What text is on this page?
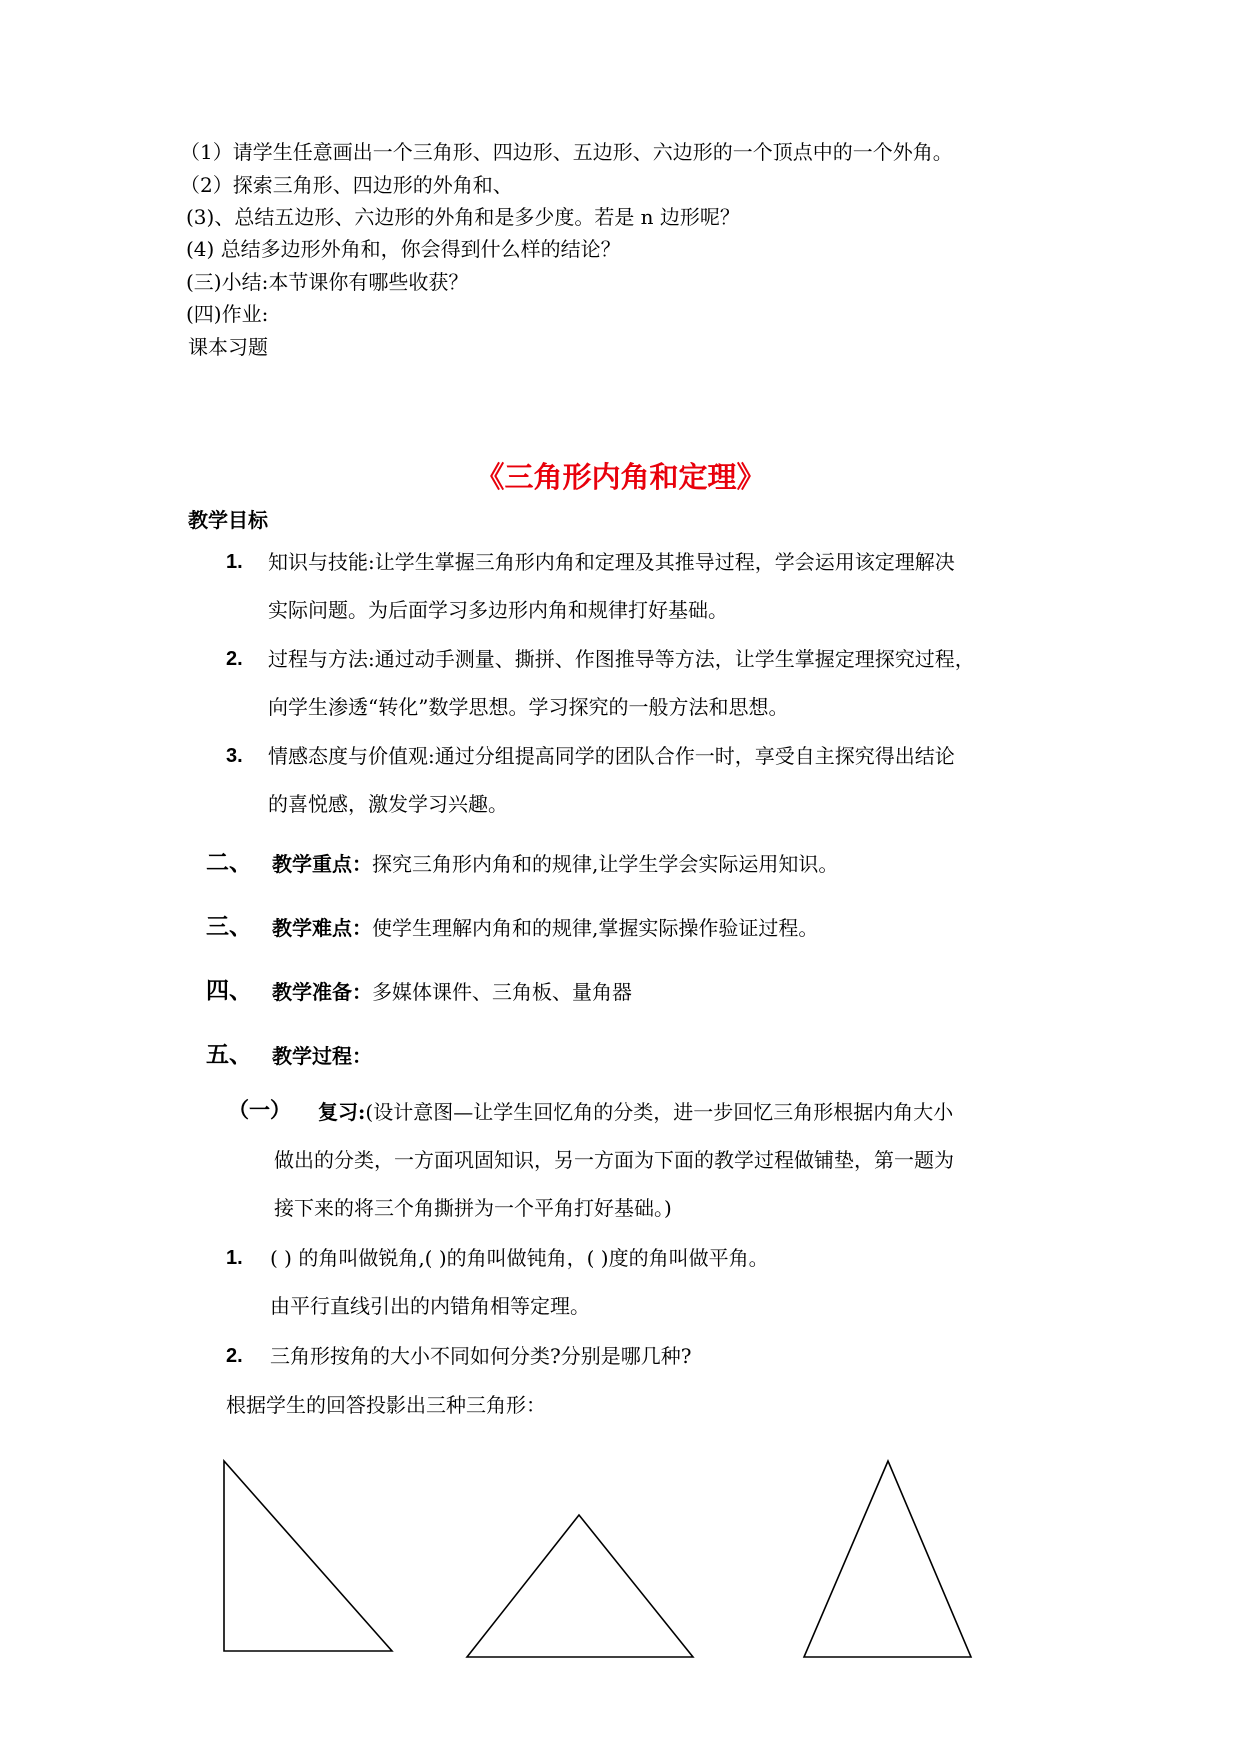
（1）请学生任意画出一个三角形、四边形、五边形、六边形的一个顶点中的一个外角。
（2）探索三角形、四边形的外角和、
(3)、总结五边形、六边形的外角和是多少度。若是 n 边形呢？
(4) 总结多边形外角和，你会得到什么样的结论？
(三)小结:本节课你有哪些收获？
(四)作业:
课本习题
《三角形内角和定理》
教学目标
1. 知识与技能:让学生掌握三角形内角和定理及其推导过程，学会运用该定理解决
实际问题。为后面学习多边形内角和规律打好基础。
2. 过程与方法:通过动手测量、撕拼、作图推导等方法，让学生掌握定理探究过程，
向学生渗透“转化”数学思想。学习探究的一般方法和思想。
3. 情感态度与价值观:通过分组提高同学的团队合作一时，享受自主探究得出结论
的喜悦感，激发学习兴趣。
二、 教学重点：探究三角形内角和的规律,让学生学会实际运用知识。
三、 教学难点：使学生理解内角和的规律,掌握实际操作验证过程。
四、 教学准备：多媒体课件、三角板、量角器
五、 教学过程：
（一） 复习:(设计意图—让学生回忆角的分类，进一步回忆三角形根据内角大小
做出的分类，一方面巩固知识，另一方面为下面的教学过程做铺垫，第一题为
接下来的将三个角撕拼为一个平角打好基础。)
1. ( ) 的角叫做锐角,( )的角叫做钝角，( )度的角叫做平角。
由平行直线引出的内错角相等定理。
2. 三角形按角的大小不同如何分类?分别是哪几种?
根据学生的回答投影出三种三角形：
